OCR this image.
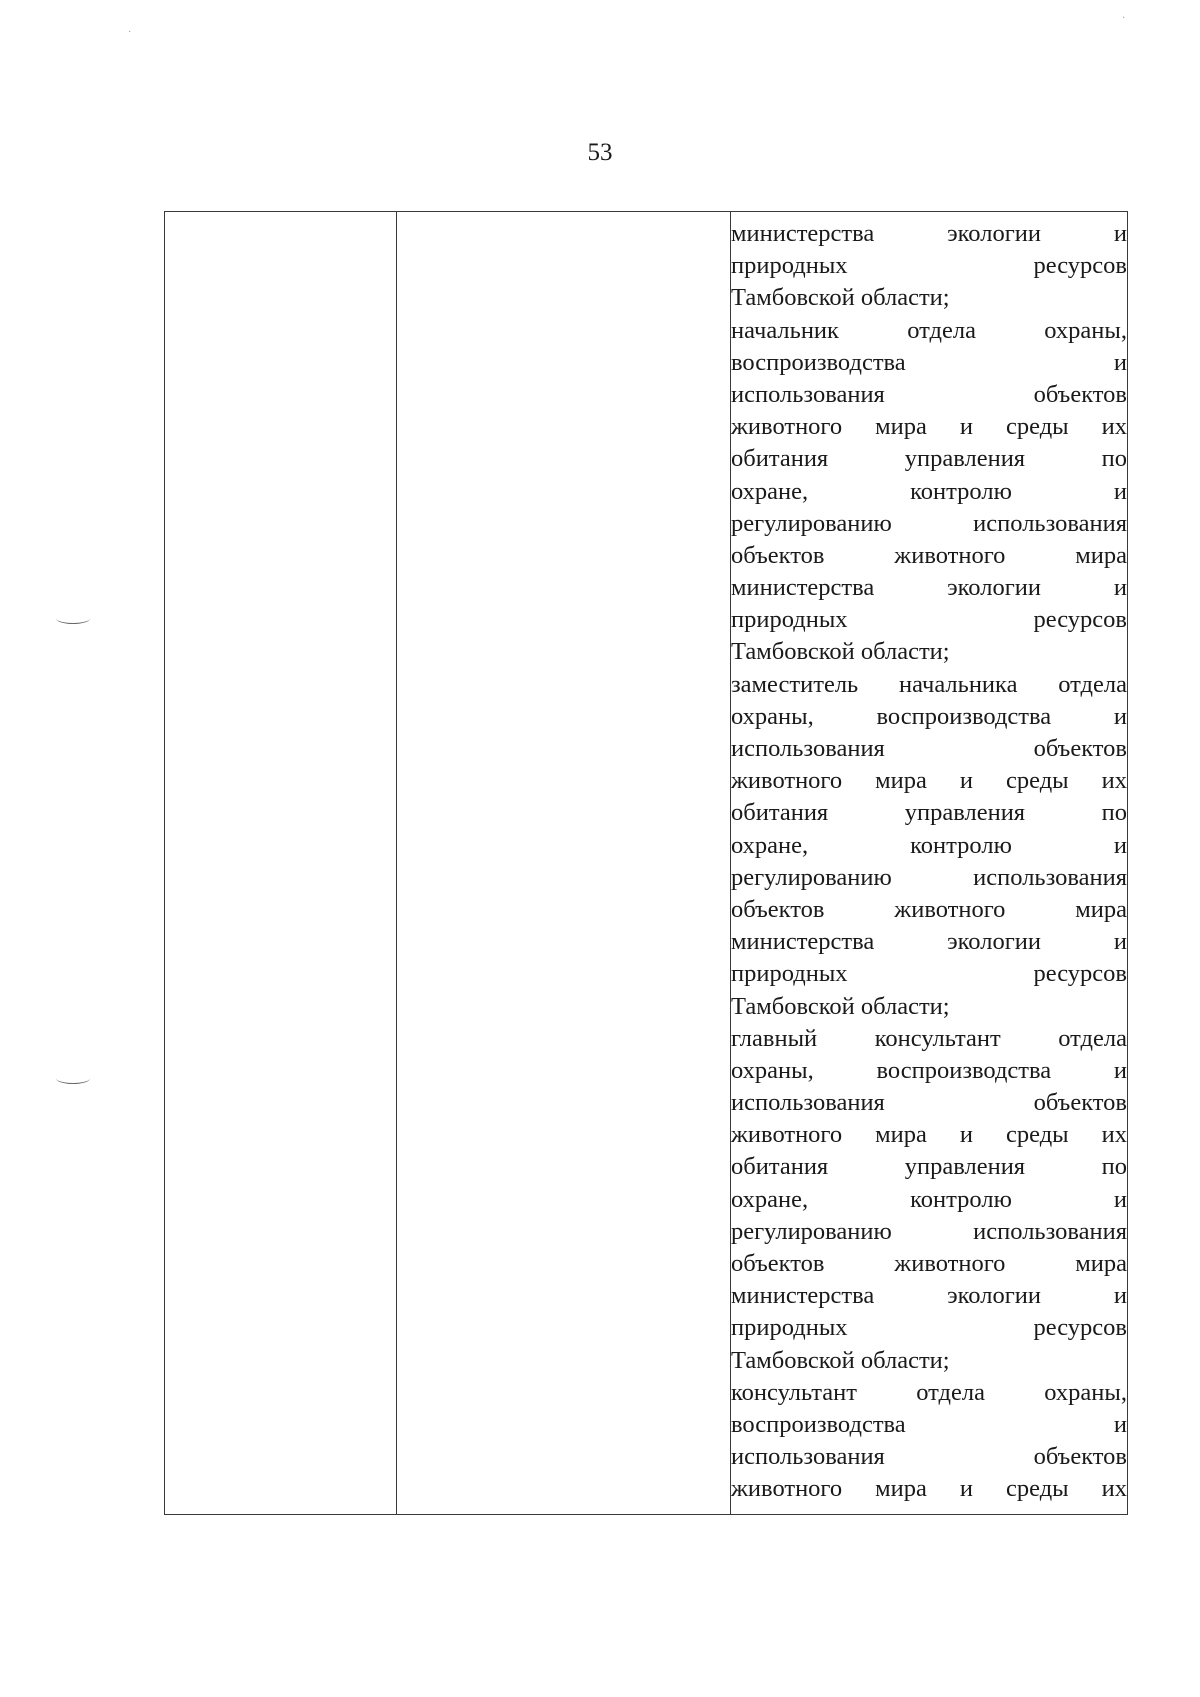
53

министерства экологии и
природных ресурсов
Тамбовской области;
начальник отдела охраны,
воспроизводства и
использования объектов
животного мира и среды их
обитания управления по
охране, контролю и
регулированию использования
объектов животного мира
министерства экологии и
природных ресурсов
Тамбовской области;
заместитель начальника отдела
охраны, воспроизводства и
использования объектов
животного мира и среды их
обитания управления по
охране, контролю и
регулированию использования
объектов животного мира
министерства экологии и
природных ресурсов
Тамбовской области;
главный консультант отдела
охраны, воспроизводства и
использования объектов
животного мира и среды их
обитания управления по
охране, контролю и
регулированию использования
объектов животного мира
министерства экологии и
природных ресурсов
Тамбовской области;
консультант отдела охраны,
воспроизводства и
использования объектов
животного мира и среды их
·
·
